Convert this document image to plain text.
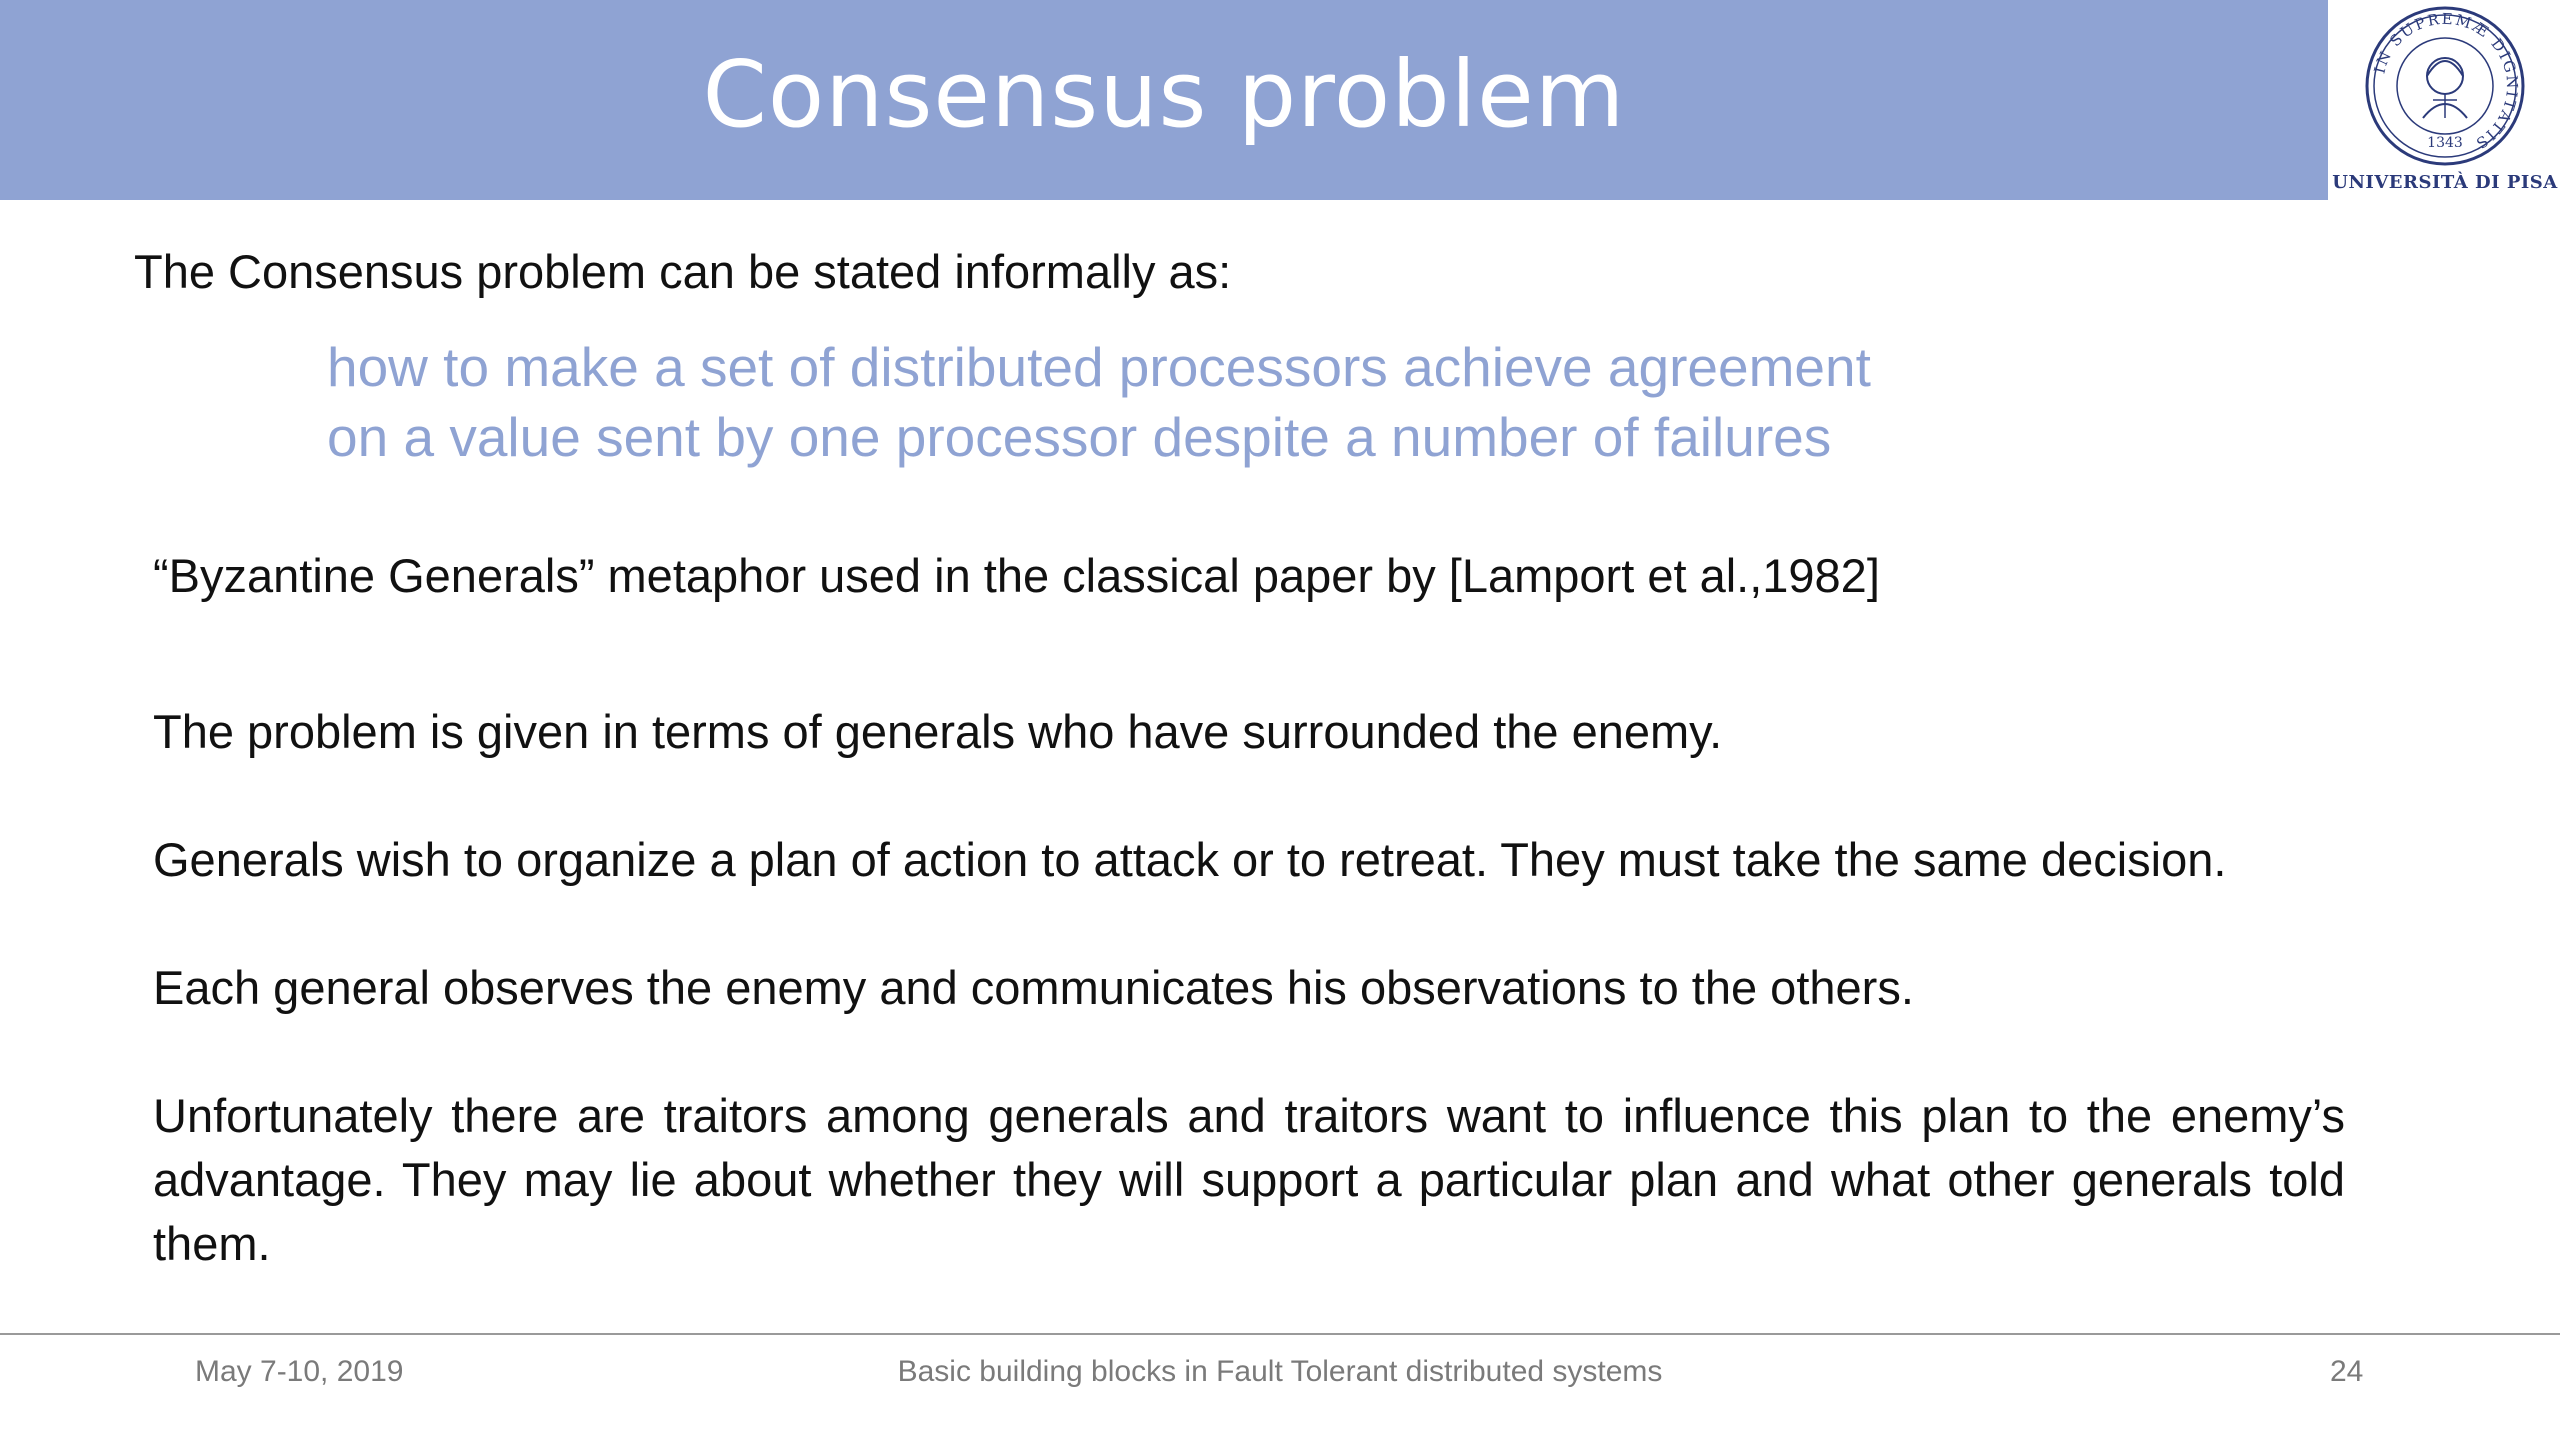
Consensus problem	IN SUPREMÆ DIGNITATIS
1343
UNIVERSITÀ DI PISA
The Consensus problem can be stated informally as:
how to make a set of distributed processors achieve agreement
on a value sent by one processor despite a number of failures

“Byzantine Generals” metaphor used in the classical paper by [Lamport et al.,1982]

The problem is given in terms of generals who have surrounded the enemy.

Generals wish to organize a plan of action to attack or to retreat. They must take the same decision.

Each general observes the enemy and communicates his observations to the others.

Unfortunately there are traitors among generals and traitors want to influence this plan to the enemy’s advantage. They may lie about whether they will support a particular plan and what other generals told them.

May 7-10, 2019	Basic building blocks in Fault Tolerant distributed systems	24
